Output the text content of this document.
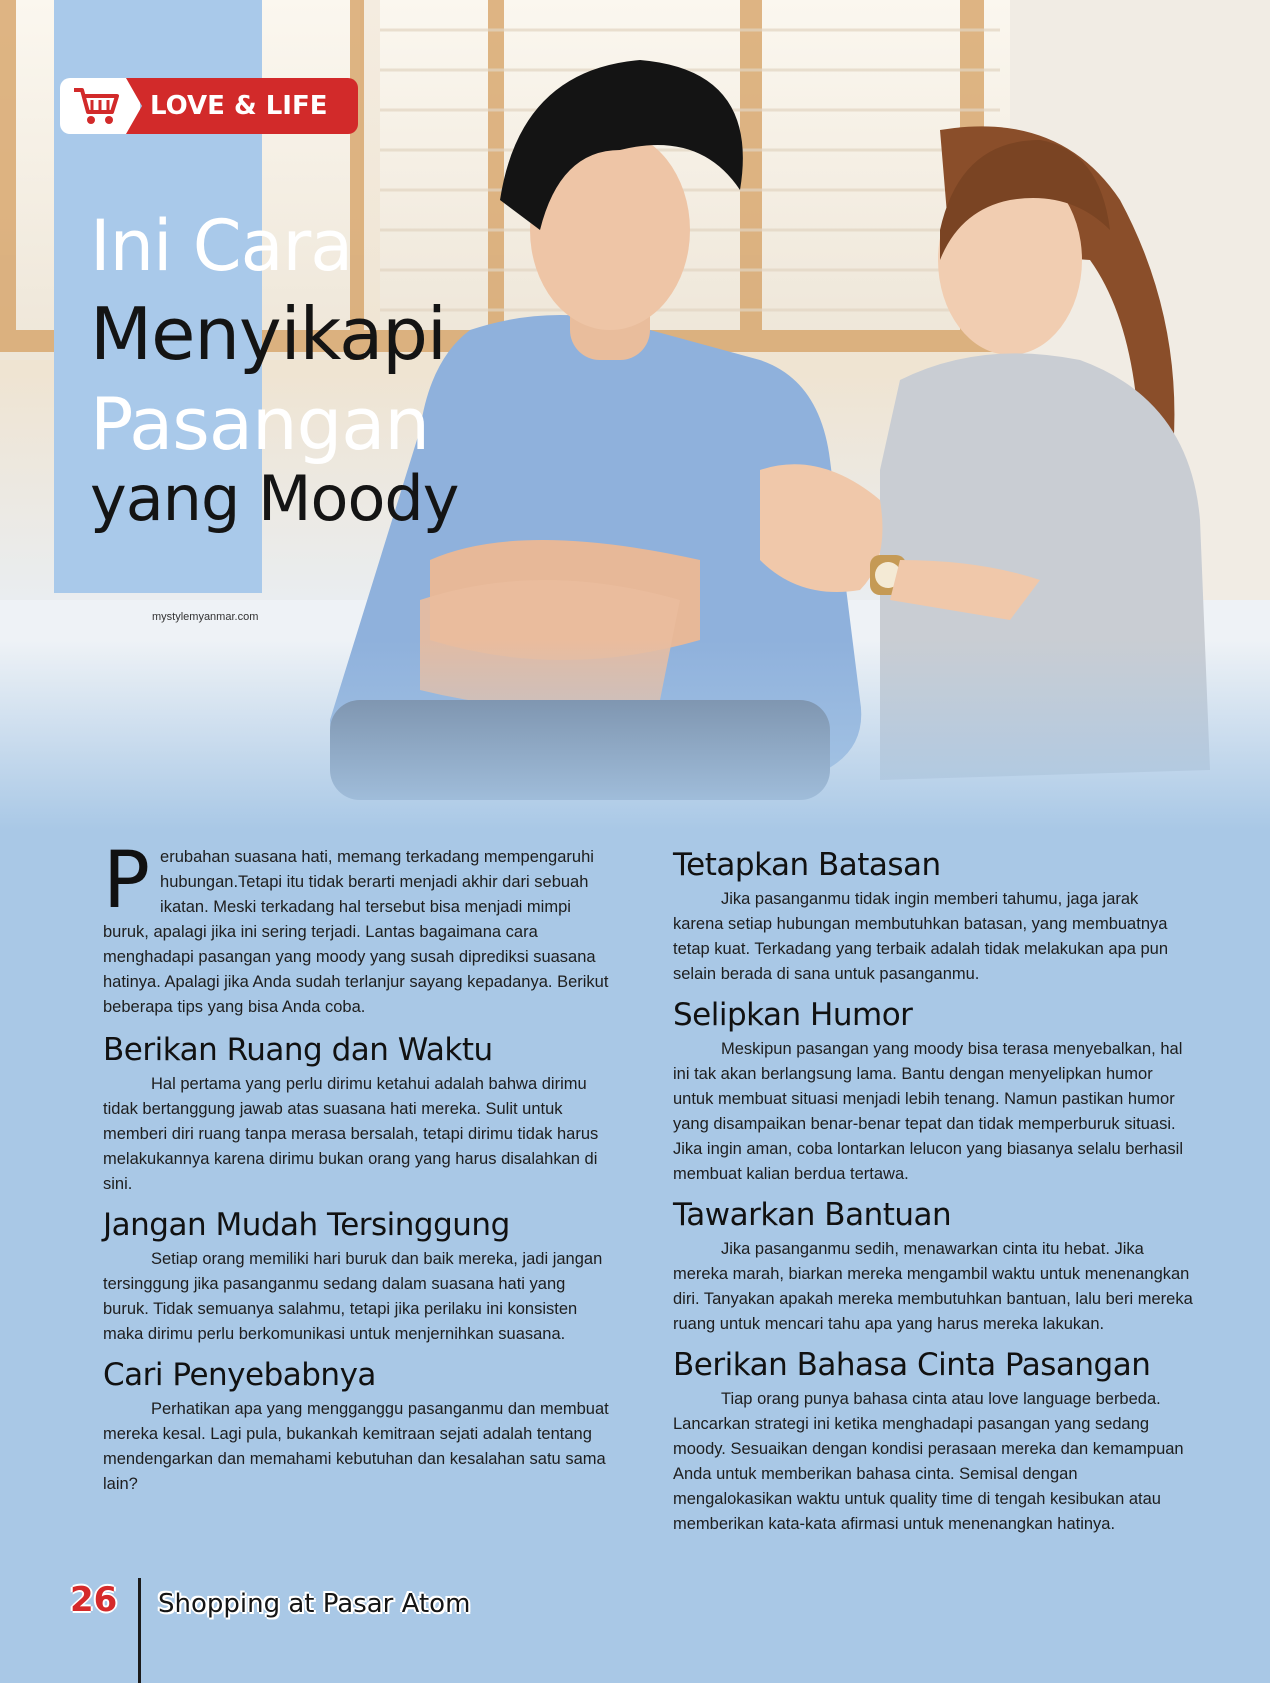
LOVE & LIFE
Ini Cara
Menyikapi
Pasangan
yang Moody
mystylemyanmar.com
P erubahan suasana hati, memang terkadang mempengaruhi hubungan.Tetapi itu tidak berarti menjadi akhir dari sebuah ikatan. Meski terkadang hal tersebut bisa menjadi mimpi buruk, apalagi jika ini sering terjadi. Lantas bagaimana cara menghadapi pasangan yang moody yang susah diprediksi suasana hatinya. Apalagi jika Anda sudah terlanjur sayang kepadanya. Berikut beberapa tips yang bisa Anda coba.

Berikan Ruang dan Waktu

Hal pertama yang perlu dirimu ketahui adalah bahwa dirimu tidak bertanggung jawab atas suasana hati mereka. Sulit untuk memberi diri ruang tanpa merasa bersalah, tetapi dirimu tidak harus melakukannya karena dirimu bukan orang yang harus disalahkan di sini.

Jangan Mudah Tersinggung

Setiap orang memiliki hari buruk dan baik mereka, jadi jangan tersinggung jika pasanganmu sedang dalam suasana hati yang buruk. Tidak semuanya salahmu, tetapi jika perilaku ini konsisten maka dirimu perlu berkomunikasi untuk menjernihkan suasana.

Cari Penyebabnya

Perhatikan apa yang mengganggu pasanganmu dan membuat mereka kesal. Lagi pula, bukankah kemitraan sejati adalah tentang mendengarkan dan memahami kebutuhan dan kesalahan satu sama lain?

Tetapkan Batasan

Jika pasanganmu tidak ingin memberi tahumu, jaga jarak karena setiap hubungan membutuhkan batasan, yang membuatnya tetap kuat. Terkadang yang terbaik adalah tidak melakukan apa pun selain berada di sana untuk pasanganmu.

Selipkan Humor

Meskipun pasangan yang moody bisa terasa menyebalkan, hal ini tak akan berlangsung lama. Bantu dengan menyelipkan humor untuk membuat situasi menjadi lebih tenang. Namun pastikan humor yang disampaikan benar-benar tepat dan tidak memperburuk situasi. Jika ingin aman, coba lontarkan lelucon yang biasanya selalu berhasil membuat kalian berdua tertawa.

Tawarkan Bantuan

Jika pasanganmu sedih, menawarkan cinta itu hebat. Jika mereka marah, biarkan mereka mengambil waktu untuk menenangkan diri. Tanyakan apakah mereka membutuhkan bantuan, lalu beri mereka ruang untuk mencari tahu apa yang harus mereka lakukan.

Berikan Bahasa Cinta Pasangan

Tiap orang punya bahasa cinta atau love language berbeda. Lancarkan strategi ini ketika menghadapi pasangan yang sedang moody. Sesuaikan dengan kondisi perasaan mereka dan kemampuan Anda untuk memberikan bahasa cinta. Semisal dengan mengalokasikan waktu untuk quality time di tengah kesibukan atau memberikan kata-kata afirmasi untuk menenangkan hatinya.

26 Shopping at Pasar Atom
